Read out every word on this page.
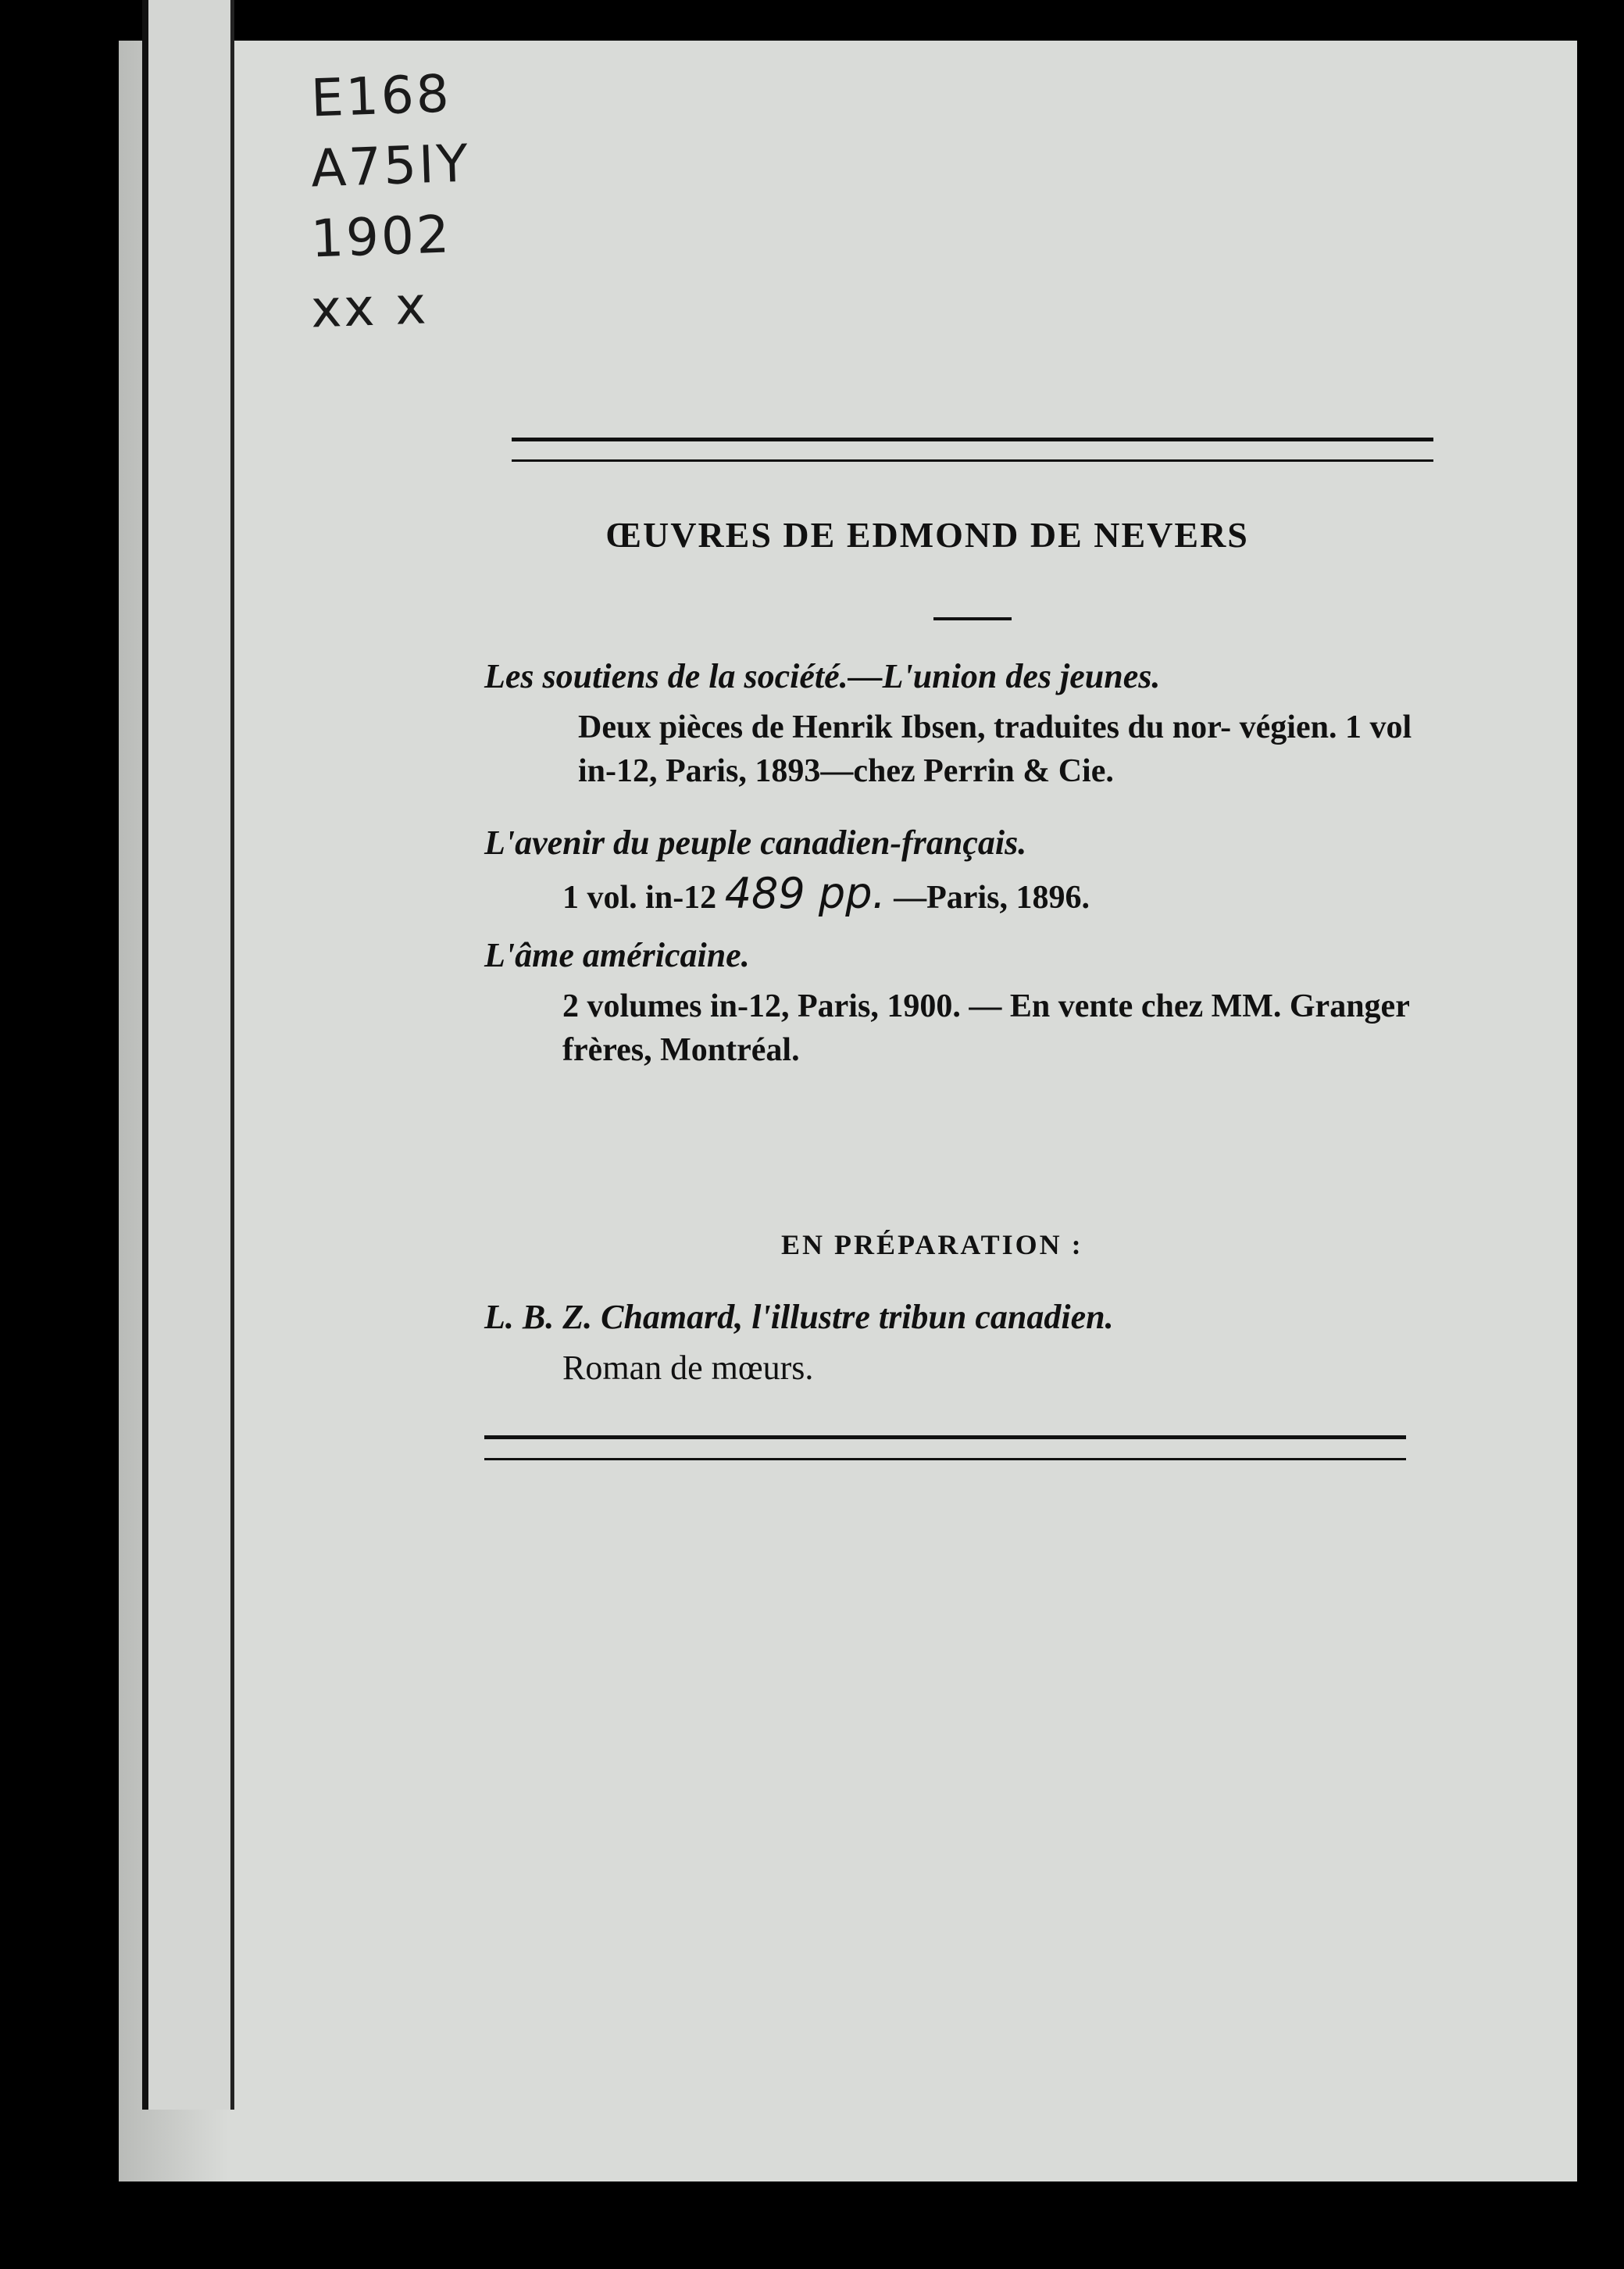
E168
A75IY
1902
xx x
ŒUVRES DE EDMOND DE NEVERS

Les soutiens de la société.—L'union des jeunes.

Deux pièces de Henrik Ibsen, traduites du nor- végien. 1 vol in-12, Paris, 1893—chez Perrin & Cie.

L'avenir du peuple canadien-français.

1 vol. in-12 489 pp. —Paris, 1896.

L'âme américaine.

2 volumes in-12, Paris, 1900. — En vente chez MM. Granger frères, Montréal.

EN PRÉPARATION :

L. B. Z. Chamard, l'illustre tribun canadien.

Roman de mœurs.
